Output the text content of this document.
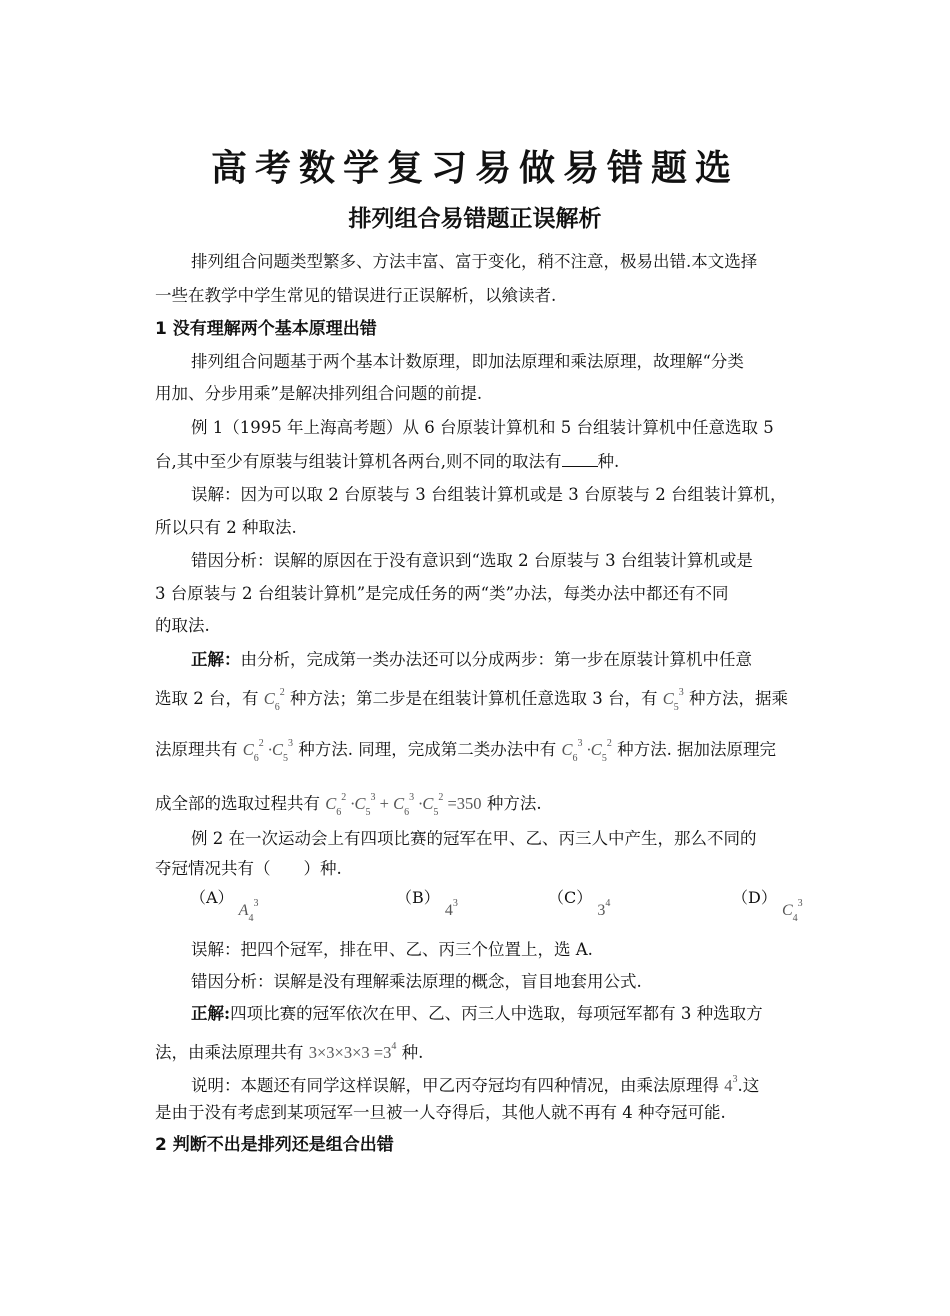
高考数学复习易做易错题选
排列组合易错题正误解析
排列组合问题类型繁多、方法丰富、富于变化，稍不注意，极易出错.本文选择
一些在教学中学生常见的错误进行正误解析，以飨读者.
1 没有理解两个基本原理出错
排列组合问题基于两个基本计数原理，即加法原理和乘法原理，故理解“分类
用加、分步用乘”是解决排列组合问题的前提.
例 1（1995 年上海高考题）从 6 台原装计算机和 5 台组装计算机中任意选取 5
台,其中至少有原装与组装计算机各两台,则不同的取法有 种.
误解：因为可以取 2 台原装与 3 台组装计算机或是 3 台原装与 2 台组装计算机，
所以只有 2 种取法.
错因分析：误解的原因在于没有意识到“选取 2 台原装与 3 台组装计算机或是
3 台原装与 2 台组装计算机”是完成任务的两“类”办法，每类办法中都还有不同
的取法.
正解：由分析，完成第一类办法还可以分成两步：第一步在原装计算机中任意
选取 2 台，有 $C_6^2$ 种方法；第二步是在组装计算机任意选取 3 台，有 $C_5^3$ 种方法，据乘
法原理共有 $C_6^2 \cdot C_5^3$ 种方法. 同理，完成第二类办法中有 $C_6^3 \cdot C_5^2$ 种方法. 据加法原理完
成全部的选取过程共有 $C_6^2 \cdot C_5^3 + C_6^3 \cdot C_5^2 =350$ 种方法.
例 2 在一次运动会上有四项比赛的冠军在甲、乙、丙三人中产生，那么不同的
夺冠情况共有（　　）种.
（A） $A_4^3$	（B） $4^3$	（C） $3^4$	（D） $C_4^3$
误解：把四个冠军，排在甲、乙、丙三个位置上，选 A.
错因分析：误解是没有理解乘法原理的概念，盲目地套用公式.
正解:四项比赛的冠军依次在甲、乙、丙三人中选取，每项冠军都有 3 种选取方
法，由乘法原理共有 $3\times 3\times 3\times 3 =3^4$ 种.
说明：本题还有同学这样误解，甲乙丙夺冠均有四种情况，由乘法原理得 $4^3$.这
是由于没有考虑到某项冠军一旦被一人夺得后，其他人就不再有 4 种夺冠可能.
2 判断不出是排列还是组合出错
